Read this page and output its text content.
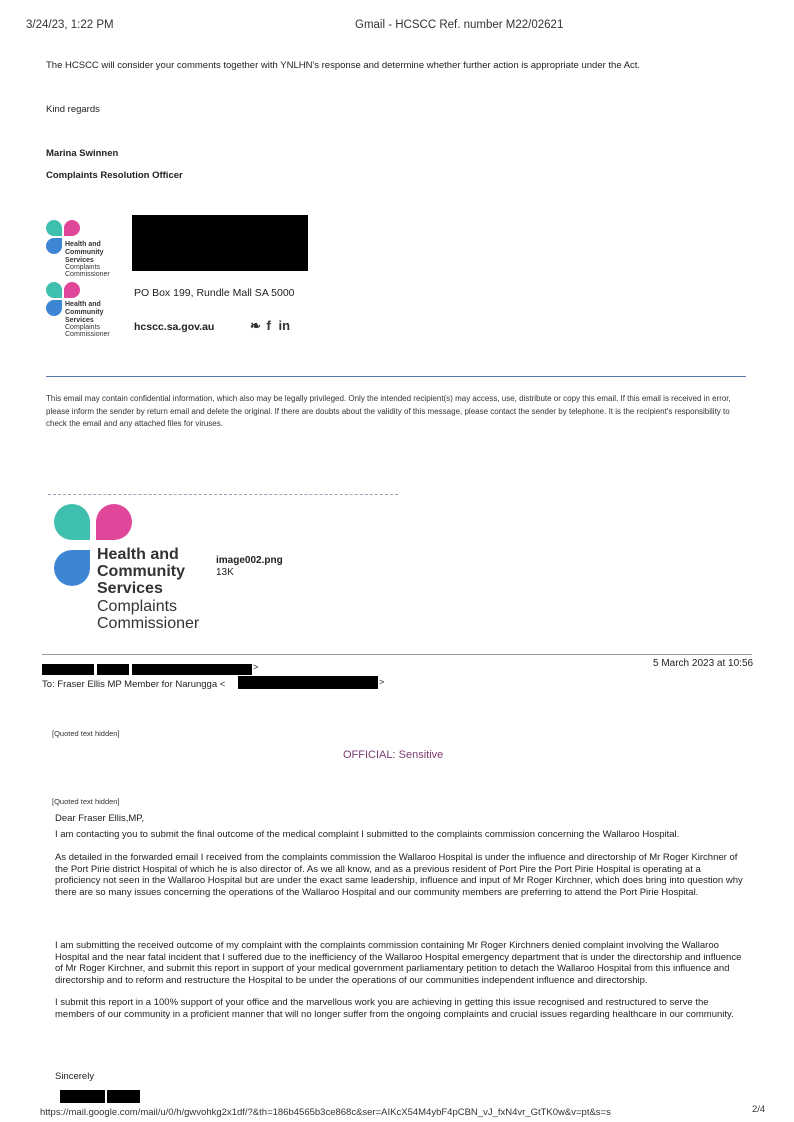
3/24/23, 1:22 PM	Gmail - HCSCC Ref. number M22/02621
The HCSCC will consider your comments together with YNLHN's response and determine whether further action is appropriate under the Act.
Kind regards
Marina Swinnen
Complaints Resolution Officer
Health and
Community
Services
Complaints
Commissioner
Health and
Community
Services
Complaints
Commissioner
PO Box 199, Rundle Mall SA 5000
hcscc.sa.gov.au	❧ f in
This email may contain confidential information, which also may be legally privileged. Only the intended recipient(s) may access, use, distribute or copy this email. If this email is received in error, please inform the sender by return email and delete the original. If there are doubts about the validity of this message, please contact the sender by telephone. It is the recipient's responsibility to check the email and any attached files for viruses.
Health and
Community
Services
Complaints
Commissioner
image002.png
13K
>	5 March 2023 at 10:56
To: Fraser Ellis MP Member for Narungga <	>
[Quoted text hidden]
OFFICIAL: Sensitive
[Quoted text hidden]
Dear Fraser Ellis,MP,
I am contacting you to submit the final outcome of the medical complaint I submitted to the complaints commission concerning the Wallaroo Hospital.
As detailed in the forwarded email I received from the complaints commission the Wallaroo Hospital is under the influence and directorship of Mr Roger Kirchner of the Port Pirie district Hospital of which he is also director of. As we all know, and as a previous resident of Port Pire the Port Pirie Hospital is operating at a proficiency not seen in the Wallaroo Hospital but are under the exact same leadership, influence and input of Mr Roger Kirchner, which does bring into question why there are so many issues concerning the operations of the Wallaroo Hospital and our community members are preferring to attend the Port Pirie Hospital.
I am submitting the received outcome of my complaint with the complaints commission containing Mr Roger Kirchners denied complaint involving the Wallaroo Hospital and the near fatal incident that I suffered due to the inefficiency of the Wallaroo Hospital emergency department that is under the directorship and influence of Mr Roger Kirchner, and submit this report in support of your medical government parliamentary petition to detach the Wallaroo Hospital from this influence and directorship and to reform and restructure the Hospital to be under the operations of our communities independent influence and directorship.
I submit this report in a 100% support of your office and the marvellous work you are achieving in getting this issue recognised and restructured to serve the members of our community in a proficient manner that will no longer suffer from the ongoing complaints and crucial issues regarding healthcare in our community.
Sincerely
https://mail.google.com/mail/u/0/h/gwvohkg2x1df/?&th=186b4565b3ce868c&ser=AIKcX54M4ybF4pCBN_vJ_fxN4vr_GtTK0w&v=pt&s=s	2/4
